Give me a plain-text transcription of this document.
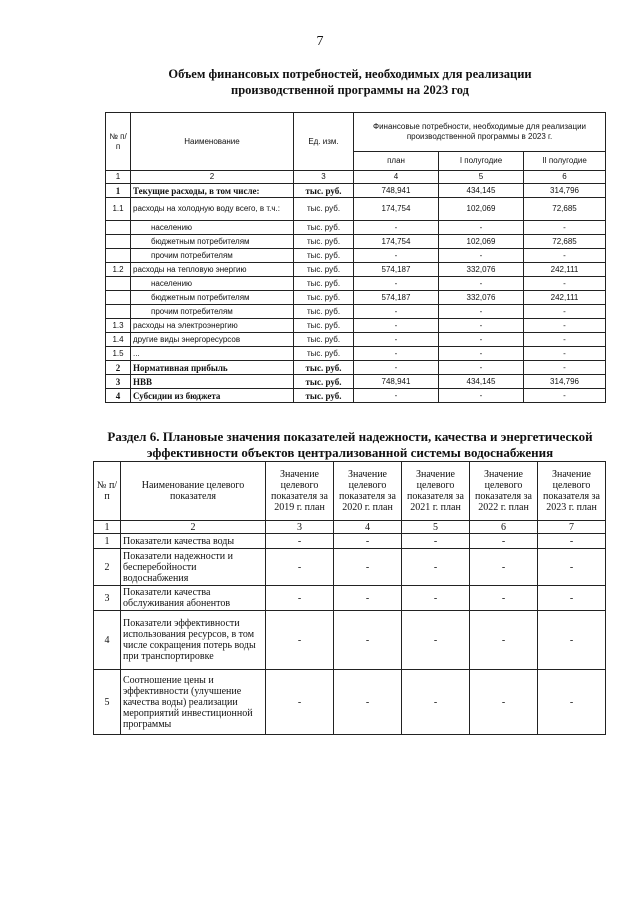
7
Объем финансовых потребностей, необходимых для реализации производственной программы на 2023 год
№ п/п	Наименование	Ед. изм.	Финансовые потребности, необходимые для реализации производственной программы в 2023 г.		
			план	I полугодие	II полугодие
1	2	3	4	5	6
1	Текущие расходы, в том числе:	тыс. руб.	748,941	434,145	314,796
1.1	расходы на холодную воду всего, в т.ч.:	тыс. руб.	174,754	102,069	72,685
	населению	тыс. руб.	-	-	-
	бюджетным потребителям	тыс. руб.	174,754	102,069	72,685
	прочим потребителям	тыс. руб.	-	-	-
1.2	расходы на тепловую энергию	тыс. руб.	574,187	332,076	242,111
	населению	тыс. руб.	-	-	-
	бюджетным потребителям	тыс. руб.	574,187	332,076	242,111
	прочим потребителям	тыс. руб.	-	-	-
1.3	расходы на электроэнергию	тыс. руб.	-	-	-
1.4	другие виды энергоресурсов	тыс. руб.	-	-	-
1.5	...	тыс. руб.	-	-	-
2	Нормативная прибыль	тыс. руб.	-	-	-
3	НВВ	тыс. руб.	748,941	434,145	314,796
4	Субсидии из бюджета	тыс. руб.	-	-	-
Раздел 6. Плановые значения показателей надежности, качества и энергетической эффективности объектов централизованной системы водоснабжения
№ п/ п	Наименование целевого показателя	Значение целевого показателя за 2019 г. план	Значение целевого показателя за 2020 г. план	Значение целевого показателя за 2021 г. план	Значение целевого показателя за 2022 г. план	Значение целевого показателя за 2023 г. план
1	2	3	4	5	6	7
1	Показатели качества воды	-	-	-	-	-
2	Показатели надежности и бесперебойности водоснабжения	-	-	-	-	-
3	Показатели качества обслуживания абонентов	-	-	-	-	-
4	Показатели эффективности использования ресурсов, в том числе сокращения потерь воды при транспортировке	-	-	-	-	-
5	Соотношение цены и эффективности (улучшение качества воды) реализации мероприятий инвестиционной программы	-	-	-	-	-
